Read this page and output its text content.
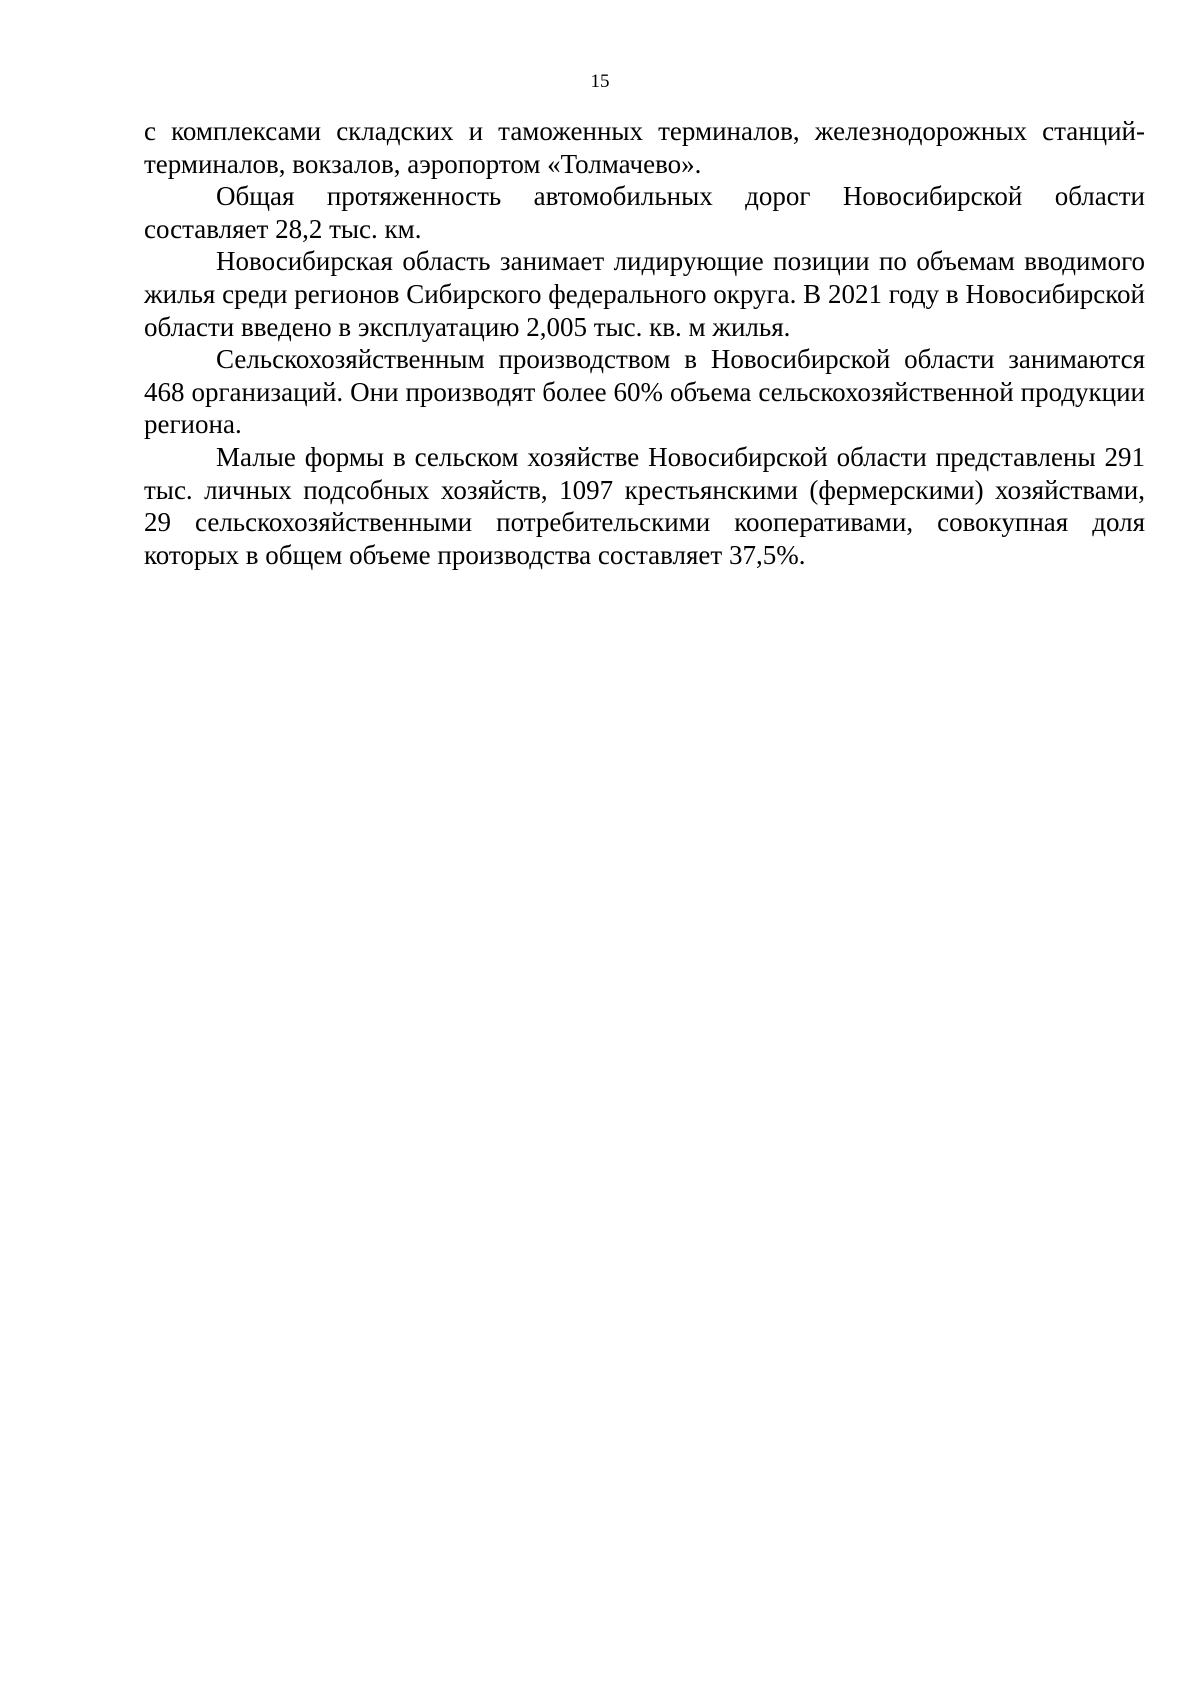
15

с комплексами складских и таможенных терминалов, железнодорожных станций-терминалов, вокзалов, аэропортом «Толмачево».

Общая протяженность автомобильных дорог Новосибирской области составляет 28,2 тыс. км.

Новосибирская область занимает лидирующие позиции по объемам вводимого жилья среди регионов Сибирского федерального округа. В 2021 году в Новосибирской области введено в эксплуатацию 2,005 тыс. кв. м жилья.

Сельскохозяйственным производством в Новосибирской области занимаются 468 организаций. Они производят более 60% объема сельскохозяйственной продукции региона.

Малые формы в сельском хозяйстве Новосибирской области представлены 291 тыс. личных подсобных хозяйств, 1097 крестьянскими (фермерскими) хозяйствами, 29 сельскохозяйственными потребительскими кооперативами, совокупная доля которых в общем объеме производства составляет 37,5%.
